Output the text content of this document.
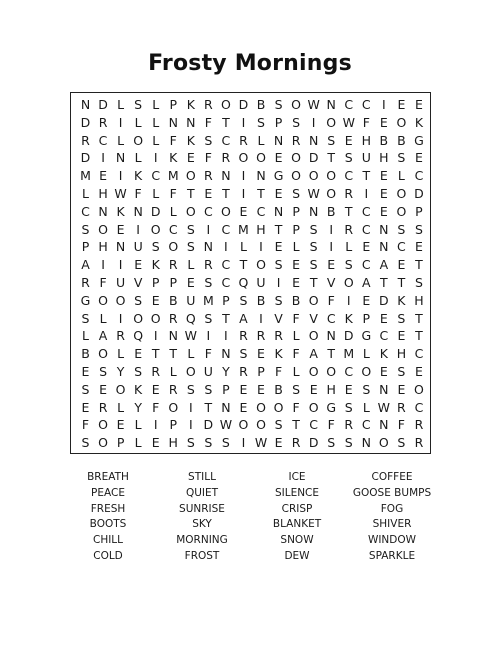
Frosty Mornings
N D L S L P K R O D B S O W N C C I E E
D R I L L N N F T I S P S I O W F E O K
R C L O L F K S C R L N R N S E H B B G
D I N L I K E F R O O E O D T S U H S E
M E I K C M O R N I N G O O O C T E L C
L H W F L F T E T I T E S W O R I E O D
C N K N D L O C O E C N P N B T C E O P
S O E I O C S I C M H T P S I R C N S S
P H N U S O S N I L I E L S I L E N C E
A I	I E K R L R C T O S E S E S C A E T
R F U V P P E S C Q U I E T V O A T T S
G O O S E B U M P S B S B O F I E D K H
S L I O O R Q S T A I V F V C K P E S T
L A R Q I N W I	I R R R L O N D G C E T
B O L E T T L F N S E K F A T M L K H C
E S Y S R L O U Y R P F L O O C O E S E
S E O K E R S S P E E B S E H E S N E O
E R L Y F O I T N E O O F O G S L W R C
F O E L I P I D W O O S T C F R C N F R
S O P L E H S S S I W E R D S S N O S R
BREATH	STILL	ICE	COFFEE
PEACE	QUIET	SILENCE	GOOSE BUMPS
FRESH	SUNRISE	CRISP	FOG
BOOTS	SKY	BLANKET	SHIVER
CHILL	MORNING	SNOW	WINDOW
COLD	FROST	DEW	SPARKLE
